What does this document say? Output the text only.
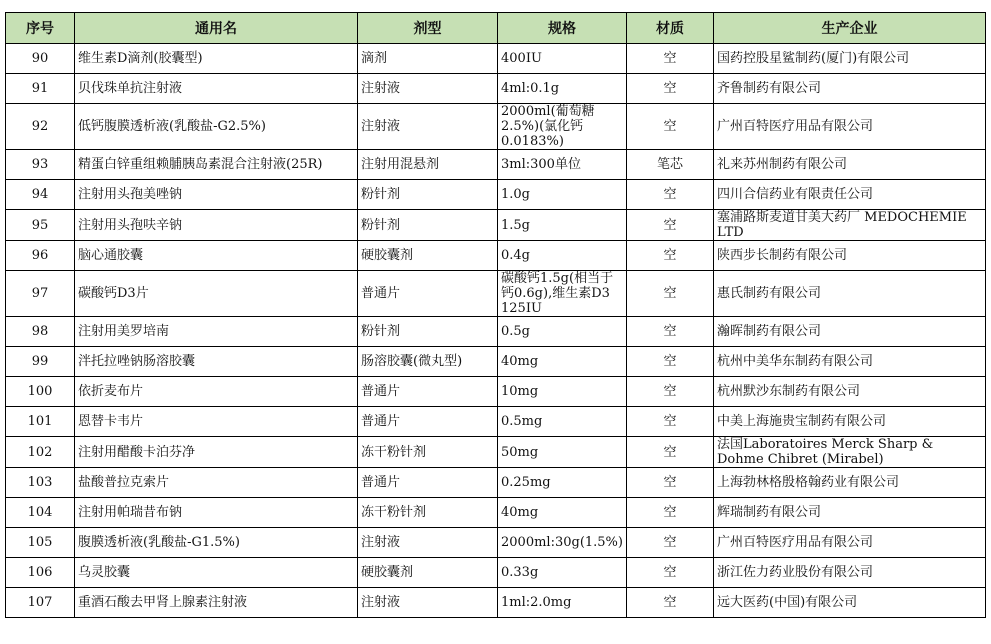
序号	通用名	剂型	规格	材质	生产企业
90	维生素D滴剂(胶囊型)	滴剂	400IU	空	国药控股星鲨制药(厦门)有限公司
91	贝伐珠单抗注射液	注射液	4ml:0.1g	空	齐鲁制药有限公司
92	低钙腹膜透析液(乳酸盐-G2.5%)	注射液	2000ml(葡萄糖2.5%)(氯化钙0.0183%)	空	广州百特医疗用品有限公司
93	精蛋白锌重组赖脯胰岛素混合注射液(25R)	注射用混悬剂	3ml:300单位	笔芯	礼来苏州制药有限公司
94	注射用头孢美唑钠	粉针剂	1.0g	空	四川合信药业有限责任公司
95	注射用头孢呋辛钠	粉针剂	1.5g	空	塞浦路斯麦道甘美大药厂 MEDOCHEMIE LTD
96	脑心通胶囊	硬胶囊剂	0.4g	空	陕西步长制药有限公司
97	碳酸钙D3片	普通片	碳酸钙1.5g(相当于钙0.6g),维生素D3 125IU	空	惠氏制药有限公司
98	注射用美罗培南	粉针剂	0.5g	空	瀚晖制药有限公司
99	泮托拉唑钠肠溶胶囊	肠溶胶囊(微丸型)	40mg	空	杭州中美华东制药有限公司
100	依折麦布片	普通片	10mg	空	杭州默沙东制药有限公司
101	恩替卡韦片	普通片	0.5mg	空	中美上海施贵宝制药有限公司
102	注射用醋酸卡泊芬净	冻干粉针剂	50mg	空	法国Laboratoires Merck Sharp & Dohme Chibret (Mirabel)
103	盐酸普拉克索片	普通片	0.25mg	空	上海勃林格殷格翰药业有限公司
104	注射用帕瑞昔布钠	冻干粉针剂	40mg	空	辉瑞制药有限公司
105	腹膜透析液(乳酸盐-G1.5%)	注射液	2000ml:30g(1.5%)	空	广州百特医疗用品有限公司
106	乌灵胶囊	硬胶囊剂	0.33g	空	浙江佐力药业股份有限公司
107	重酒石酸去甲肾上腺素注射液	注射液	1ml:2.0mg	空	远大医药(中国)有限公司
